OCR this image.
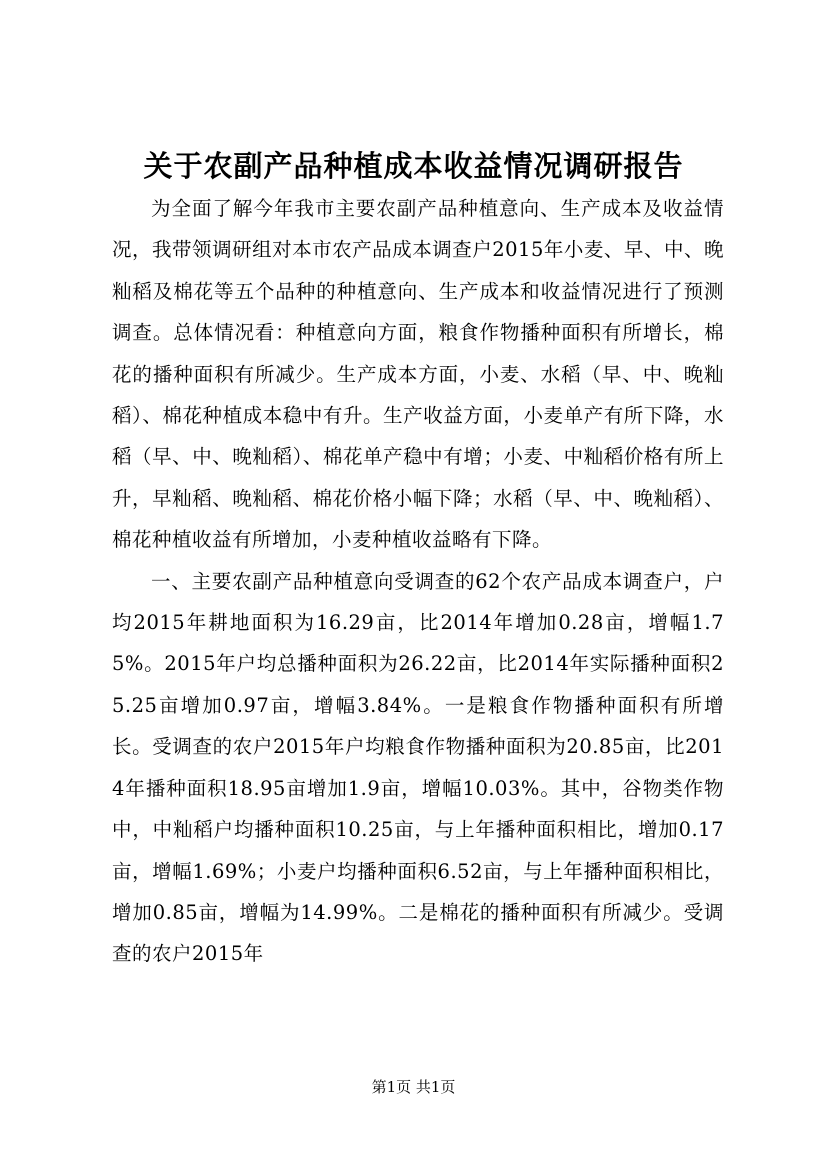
关于农副产品种植成本收益情况调研报告

为全面了解今年我市主要农副产品种植意向、生产成本及收益情况，我带领调研组对本市农产品成本调查户2015年小麦、早、中、晚籼稻及棉花等五个品种的种植意向、生产成本和收益情况进行了预测调查。总体情况看：种植意向方面，粮食作物播种面积有所增长，棉花的播种面积有所减少。生产成本方面，小麦、水稻（早、中、晚籼稻）、棉花种植成本稳中有升。生产收益方面，小麦单产有所下降，水稻（早、中、晚籼稻）、棉花单产稳中有增；小麦、中籼稻价格有所上升，早籼稻、晚籼稻、棉花价格小幅下降；水稻（早、中、晚籼稻）、棉花种植收益有所增加，小麦种植收益略有下降。

一、主要农副产品种植意向受调查的62个农产品成本调查户，户均2015年耕地面积为16.29亩，比2014年增加0.28亩，增幅1.75%。2015年户均总播种面积为26.22亩，比2014年实际播种面积25.25亩增加0.97亩，增幅3.84%。一是粮食作物播种面积有所增长。受调查的农户2015年户均粮食作物播种面积为20.85亩，比2014年播种面积18.95亩增加1.9亩，增幅10.03%。其中，谷物类作物中，中籼稻户均播种面积10.25亩，与上年播种面积相比，增加0.17亩，增幅1.69%；小麦户均播种面积6.52亩，与上年播种面积相比，增加0.85亩，增幅为14.99%。二是棉花的播种面积有所减少。受调查的农户2015年

第1页 共1页
